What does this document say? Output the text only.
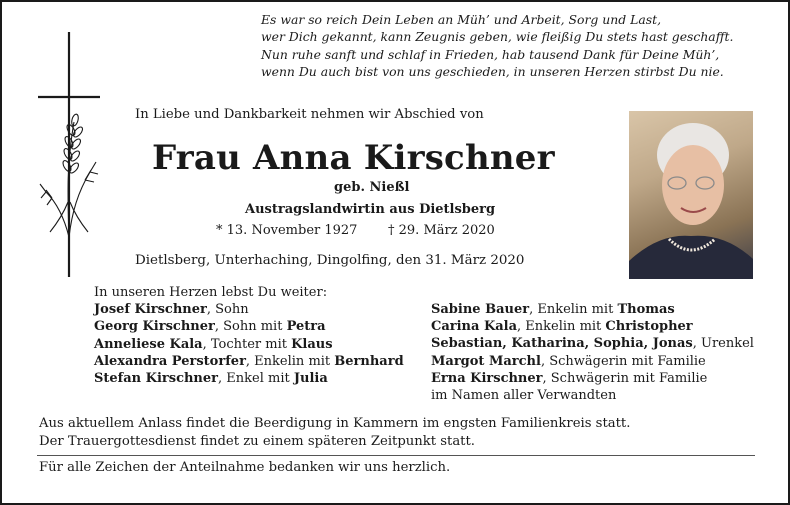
Es war so reich Dein Leben an Müh’ und Arbeit, Sorg und Last,
wer Dich gekannt, kann Zeugnis geben, wie fleißig Du stets hast geschafft.
Nun ruhe sanft und schlaf in Frieden, hab tausend Dank für Deine Müh’,
wenn Du auch bist von uns geschieden, in unseren Herzen stirbst Du nie.
In Liebe und Dankbarkeit nehmen wir Abschied von
Frau Anna Kirschner
geb. Nießl
Austragslandwirtin aus Dietlsberg
* 13. November 1927 † 29. März 2020
Dietlsberg, Unterhaching, Dingolfing, den 31. März 2020
In unseren Herzen lebst Du weiter:
Josef Kirschner, Sohn
Georg Kirschner, Sohn mit Petra
Anneliese Kala, Tochter mit Klaus
Alexandra Perstorfer, Enkelin mit Bernhard
Stefan Kirschner, Enkel mit Julia
Sabine Bauer, Enkelin mit Thomas
Carina Kala, Enkelin mit Christopher
Sebastian, Katharina, Sophia, Jonas, Urenkel
Margot Marchl, Schwägerin mit Familie
Erna Kirschner, Schwägerin mit Familie
im Namen aller Verwandten
Aus aktuellem Anlass findet die Beerdigung in Kammern im engsten Familienkreis statt.
Der Trauergottesdienst findet zu einem späteren Zeitpunkt statt.
Für alle Zeichen der Anteilnahme bedanken wir uns herzlich.
